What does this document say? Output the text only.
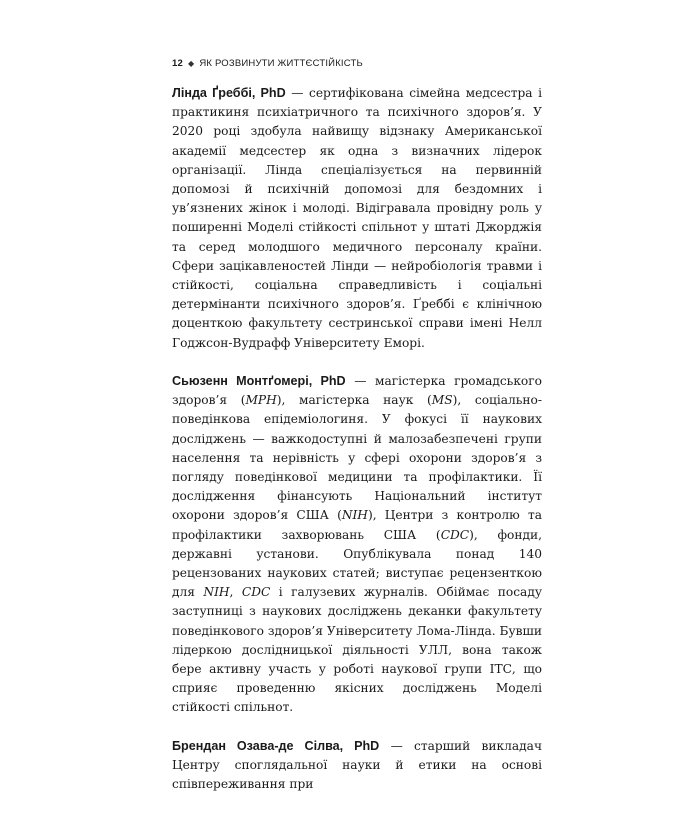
12 ◆ ЯК РОЗВИНУТИ ЖИТТЄСТІЙКІСТЬ

Лінда Ґреббі, PhD — сертифікована сімейна медсестра і практикиня психіатричного та психічного здоров’я. У 2020 році здобула найвищу відзнаку Американської академії медсестер як одна з визначних лідерок організації. Лінда спеціалізується на первинній допомозі й психічній допомозі для бездомних і ув’язнених жінок і молоді. Відігравала провідну роль у поширенні Моделі стійкості спільнот у штаті Джорджія та серед молодшого медичного персоналу країни. Сфери зацікавленостей Лінди — нейробіологія травми і стійкості, соціальна справедливість і соціальні детермінанти психічного здоров’я. Ґреббі є клінічною доценткою факультету сестринської справи імені Нелл Годжсон-Вудрафф Університету Еморі.

Сьюзенн Монтґомері, PhD — магістерка громадського здоров’я (MPH), магістерка наук (MS), соціально-поведінкова епідеміологиня. У фокусі її наукових досліджень — важкодоступні й малозабезпечені групи населення та нерівність у сфері охорони здоров’я з погляду поведінкової медицини та профілактики. Її дослідження фінансують Національний інститут охорони здоров’я США (NIH), Центри з контролю та профілактики захворювань США (CDC), фонди, державні установи. Опублікувала понад 140 рецензованих наукових статей; виступає рецензенткою для NIH, CDC і галузевих журналів. Обіймає посаду заступниці з наукових досліджень деканки факультету поведінкового здоров’я Університету Лома-Лінда. Бувши лідеркою дослідницької діяльності УЛЛ, вона також бере активну участь у роботі наукової групи ІТС, що сприяє проведенню якісних досліджень Моделі стійкості спільнот.

Брендан Озава-де Сілва, PhD — старший викладач Центру споглядальної науки й етики на основі співпереживання при
